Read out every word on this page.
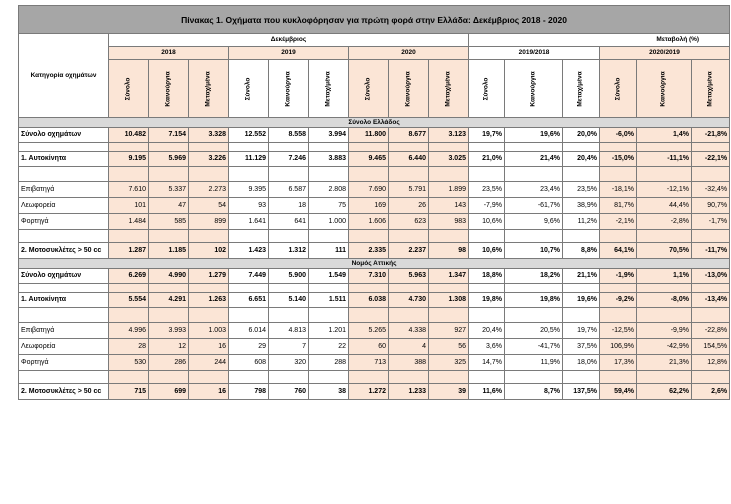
Πίνακας 1. Οχήματα που κυκλοφόρησαν για πρώτη φορά στην Ελλάδα: Δεκέμβριος 2018 - 2020															
Κατηγορία οχημάτων	Δεκέμβριος									Μεταβολή (%)					
	2018			2019			2020			2019/2018			2020/2019		
	Σύνολο	Καινούργια	Μεταχ/μένα	Σύνολο	Καινούργια	Μεταχ/μένα	Σύνολο	Καινούργια	Μεταχ/μένα	Σύνολο	Καινούργια	Μεταχ/μένα	Σύνολο	Καινούργια	Μεταχ/μένα
Σύνολο Ελλάδος															
Σύνολο οχημάτων	10.482	7.154	3.328	12.552	8.558	3.994	11.800	8.677	3.123	19,7%	19,6%	20,0%	-6,0%	1,4%	-21,8%

1. Αυτοκίνητα	9.195	5.969	3.226	11.129	7.246	3.883	9.465	6.440	3.025	21,0%	21,4%	20,4%	-15,0%	-11,1%	-22,1%

Επιβατηγά	7.610	5.337	2.273	9.395	6.587	2.808	7.690	5.791	1.899	23,5%	23,4%	23,5%	-18,1%	-12,1%	-32,4%
Λεωφορεία	101	47	54	93	18	75	169	26	143	-7,9%	-61,7%	38,9%	81,7%	44,4%	90,7%
Φορτηγά	1.484	585	899	1.641	641	1.000	1.606	623	983	10,6%	9,6%	11,2%	-2,1%	-2,8%	-1,7%

2. Μοτοσυκλέτες > 50 cc	1.287	1.185	102	1.423	1.312	111	2.335	2.237	98	10,6%	10,7%	8,8%	64,1%	70,5%	-11,7%
Νομός Αττικής															
Σύνολο οχημάτων	6.269	4.990	1.279	7.449	5.900	1.549	7.310	5.963	1.347	18,8%	18,2%	21,1%	-1,9%	1,1%	-13,0%

1. Αυτοκίνητα	5.554	4.291	1.263	6.651	5.140	1.511	6.038	4.730	1.308	19,8%	19,8%	19,6%	-9,2%	-8,0%	-13,4%

Επιβατηγά	4.996	3.993	1.003	6.014	4.813	1.201	5.265	4.338	927	20,4%	20,5%	19,7%	-12,5%	-9,9%	-22,8%
Λεωφορεία	28	12	16	29	7	22	60	4	56	3,6%	-41,7%	37,5%	106,9%	-42,9%	154,5%
Φορτηγά	530	286	244	608	320	288	713	388	325	14,7%	11,9%	18,0%	17,3%	21,3%	12,8%

2. Μοτοσυκλέτες > 50 cc	715	699	16	798	760	38	1.272	1.233	39	11,6%	8,7%	137,5%	59,4%	62,2%	2,6%
